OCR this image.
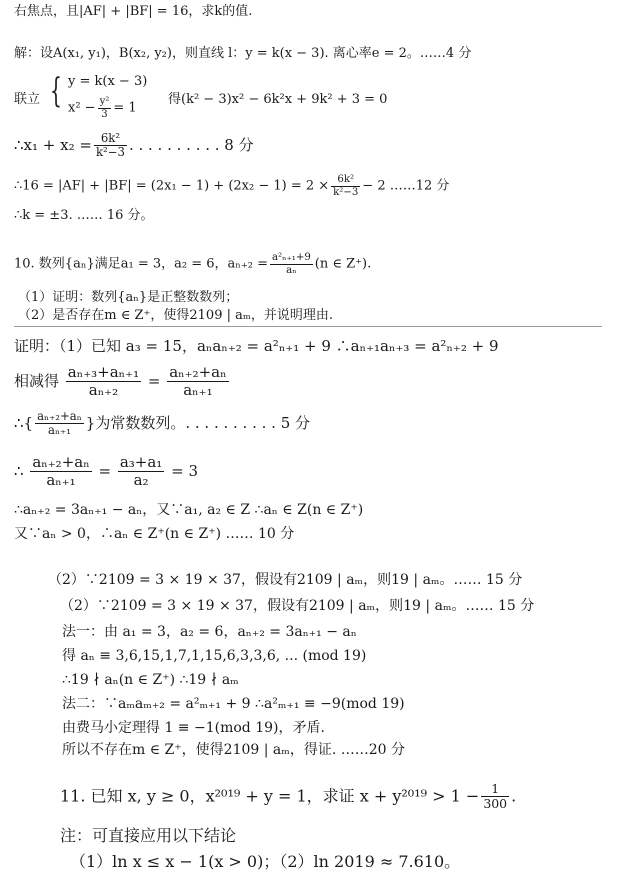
右焦点，且|AF| + |BF| = 16，求k的值.
解：设A(x₁, y₁)，B(x₂, y₂)，则直线 l：y = k(x − 3). 离心率e = 2。……4 分
联立 { y = k(x − 3)
$x^2 - \frac{\text{y²}}{3} = 1$
得(k² − 3)x² − 6k²x + 9k² + 3 = 0
∴x₁ + $x_2 = \frac{\text{6k²}}{\text{k²−3}}$ . . . . . . . . . . 8 分
∴16 = $|AF| + |BF| = (2x_1 - 1) + (2x_2 - 1) = 2 \times \frac{\text{6k²}}{\text{k²−3}} - 2$ ……12 分
∴k = ±3. …… 16 分。
10. 数列{aₙ}满足a₁ = 3，a₂ = 6，$a_{n+2} = \frac{\text{a²ₙ₊₁+9}}{\text{aₙ}} (n$ ∈ Z⁺).
（1）证明：数列{aₙ}是正整数数列；
（2）是否存在m ∈ Z⁺，使得2109 | aₘ，并说明理由.
证明：（1）已知 a₃ = 15，aₙaₙ₊₂ = a²ₙ₊₁ + 9 ∴aₙ₊₁aₙ₊₃ = a²ₙ₊₂ + 9
相减得 $\frac{\text{aₙ₊₃+aₙ₊₁}}{\text{aₙ₊₂}} = \frac{\text{aₙ₊₂+aₙ}}{\text{aₙ₊₁}}$
∴{ $\frac{\text{aₙ₊₂+aₙ}}{\text{aₙ₊₁}}$ }为常数数列。. . . . . . . . . . 5 分
∴ $\frac{\text{aₙ₊₂+aₙ}}{\text{aₙ₊₁}} = \frac{\text{a₃+a₁}}{\text{a₂}} = 3$
∴aₙ₊₂ = 3aₙ₊₁ − aₙ，又∵a₁, a₂ ∈ Z ∴aₙ ∈ Z(n ∈ Z⁺)
又∵aₙ > 0，∴aₙ ∈ Z⁺(n ∈ Z⁺) …… 10 分
（2）∵2109 = 3 × 19 × 37，假设有2109 | aₘ，则19 | aₘ。…… 15 分
（2）∵2109 = 3 × 19 × 37，假设有2109 | aₘ，则19 | aₘ。…… 15 分
法一：由 a₁ = 3，a₂ = 6，aₙ₊₂ = 3aₙ₊₁ − aₙ
得 aₙ ≡ 3,6,15,1,7,1,15,6,3,3,6, ... (mod 19)
∴19 ∤ aₙ(n ∈ Z⁺) ∴19 ∤ aₘ
法二：∵aₘaₘ₊₂ = a²ₘ₊₁ + 9 ∴a²ₘ₊₁ ≡ −9(mod 19)
由费马小定理得 1 ≡ −1(mod 19)，矛盾.
所以不存在m ∈ Z⁺，使得2109 | aₘ，得证. ……20 分
11. 已知 x, y ≥ 0，x²⁰¹⁹ + y = 1，求证 $x + y^{2019} > 1 - \frac{1}{300}$ .
注：可直接应用以下结论
（1）ln x ≤ x − 1(x > 0)；（2）ln 2019 ≈ 7.610。
